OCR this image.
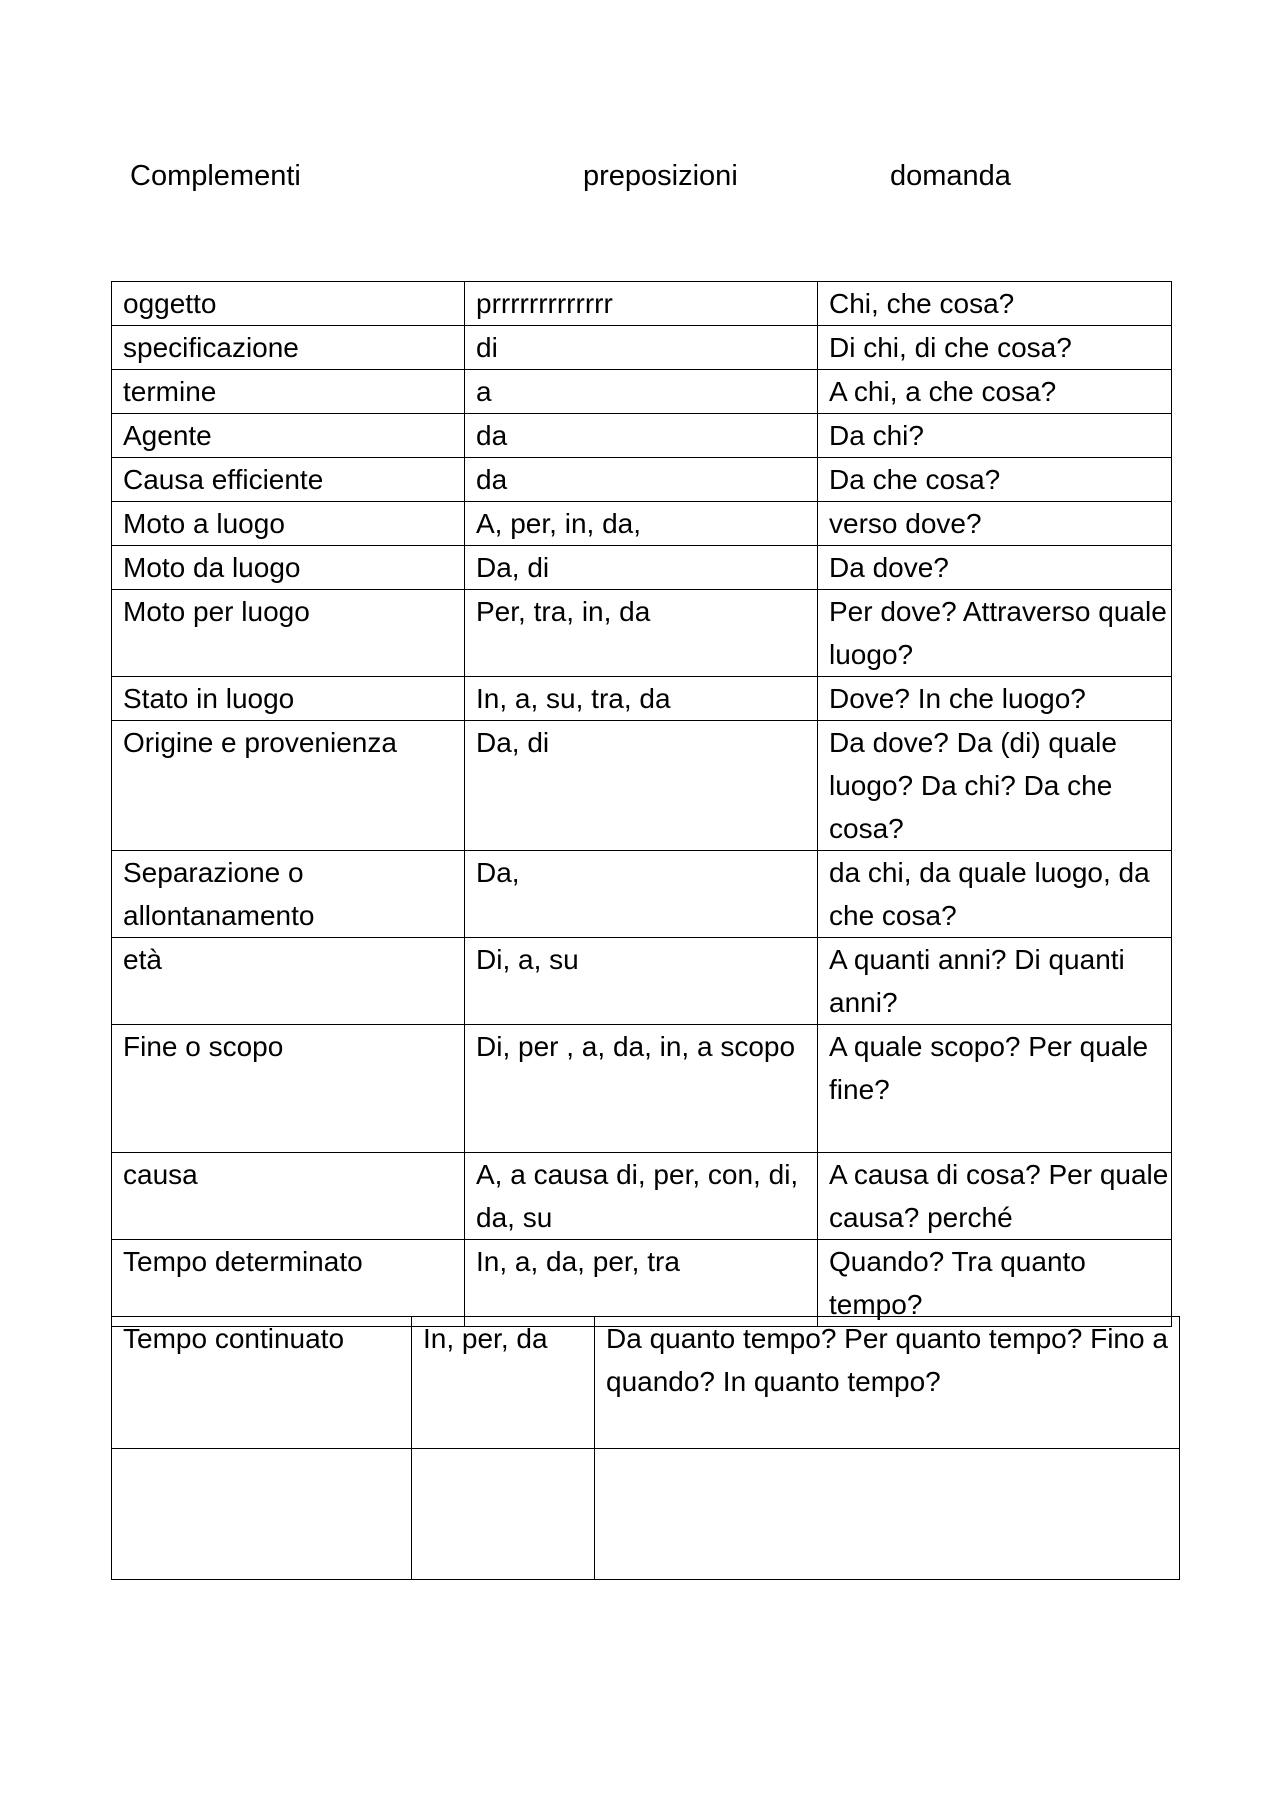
Complementi	preposizioni	domanda
oggetto	prrrrrrrrrrrrr	Chi, che cosa?
specificazione	di	Di chi, di che cosa?
termine	a	A chi, a che cosa?
Agente	da	Da chi?
Causa efficiente	da	Da che cosa?
Moto a luogo	A, per, in, da,	verso dove?
Moto da luogo	Da, di	Da dove?
Moto per luogo	Per, tra, in, da	Per dove? Attraverso quale luogo?
Stato in luogo	In, a, su, tra, da	Dove? In che luogo?
Origine e provenienza	Da, di	Da dove? Da (di) quale luogo? Da chi? Da che cosa?
Separazione o allontanamento	Da,	da chi, da quale luogo, da che cosa?
età	Di, a, su	A quanti anni? Di quanti anni?
Fine o scopo	Di, per , a, da, in, a scopo	A quale scopo? Per quale fine?
causa	A, a causa di, per, con, di, da, su	A causa di cosa? Per quale causa? perché
Tempo determinato	In, a, da, per, tra	Quando? Tra quanto tempo?
Tempo continuato	In, per, da	Da quanto tempo? Per quanto tempo? Fino a quando? In quanto tempo?
